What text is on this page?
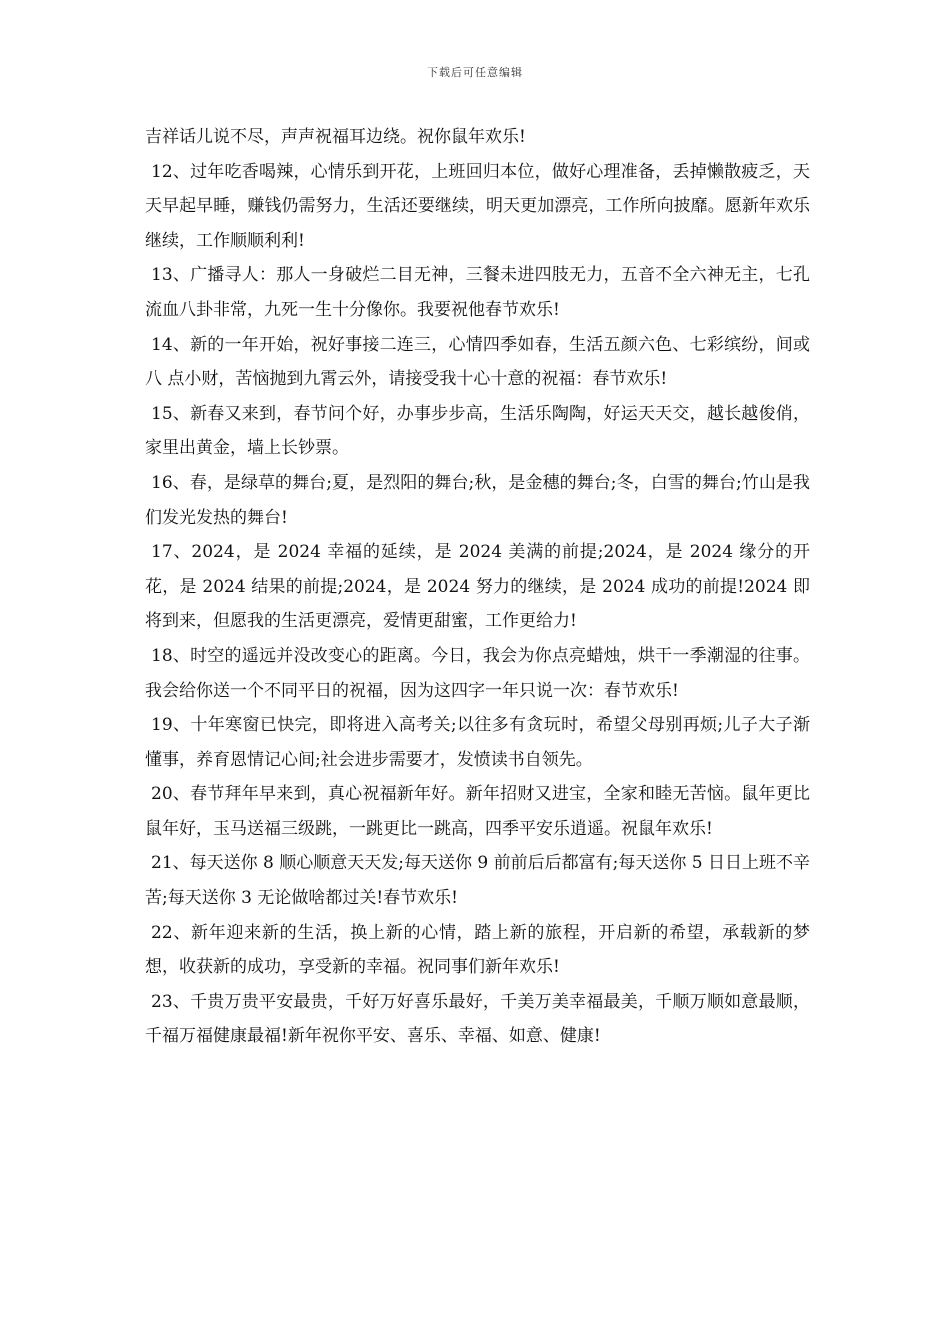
下载后可任意编辑

吉祥话儿说不尽，声声祝福耳边绕。祝你鼠年欢乐!

12、过年吃香喝辣，心情乐到开花，上班回归本位，做好心理准备，丢掉懒散疲乏，天天早起早睡，赚钱仍需努力，生活还要继续，明天更加漂亮，工作所向披靡。愿新年欢乐继续，工作顺顺利利!

13、广播寻人：那人一身破烂二目无神，三餐未进四肢无力，五音不全六神无主，七孔流血八卦非常，九死一生十分像你。我要祝他春节欢乐!

14、新的一年开始，祝好事接二连三，心情四季如春，生活五颜六色、七彩缤纷，间或 八 点小财，苦恼抛到九霄云外，请接受我十心十意的祝福：春节欢乐!

15、新春又来到，春节问个好，办事步步高，生活乐陶陶，好运天天交，越长越俊俏，家里出黄金，墙上长钞票。

16、春，是绿草的舞台;夏，是烈阳的舞台;秋，是金穗的舞台;冬，白雪的舞台;竹山是我们发光发热的舞台!

17、2024，是 2024 幸福的延续，是 2024 美满的前提;2024，是 2024 缘分的开花，是 2024 结果的前提;2024，是 2024 努力的继续，是 2024 成功的前提!2024 即将到来，但愿我的生活更漂亮，爱情更甜蜜，工作更给力!

18、时空的遥远并没改变心的距离。今日，我会为你点亮蜡烛，烘干一季潮湿的往事。我会给你送一个不同平日的祝福，因为这四字一年只说一次：春节欢乐!

19、十年寒窗已快完，即将进入高考关;以往多有贪玩时，希望父母别再烦;儿子大子渐懂事，养育恩情记心间;社会进步需要才，发愤读书自领先。

20、春节拜年早来到，真心祝福新年好。新年招财又进宝，全家和睦无苦恼。鼠年更比鼠年好，玉马送福三级跳，一跳更比一跳高，四季平安乐逍遥。祝鼠年欢乐!

21、每天送你 8 顺心顺意天天发;每天送你 9 前前后后都富有;每天送你 5 日日上班不辛苦;每天送你 3 无论做啥都过关!春节欢乐!

22、新年迎来新的生活，换上新的心情，踏上新的旅程，开启新的希望，承载新的梦想，收获新的成功，享受新的幸福。祝同事们新年欢乐!

23、千贵万贵平安最贵，千好万好喜乐最好，千美万美幸福最美，千顺万顺如意最顺，千福万福健康最福!新年祝你平安、喜乐、幸福、如意、健康!
